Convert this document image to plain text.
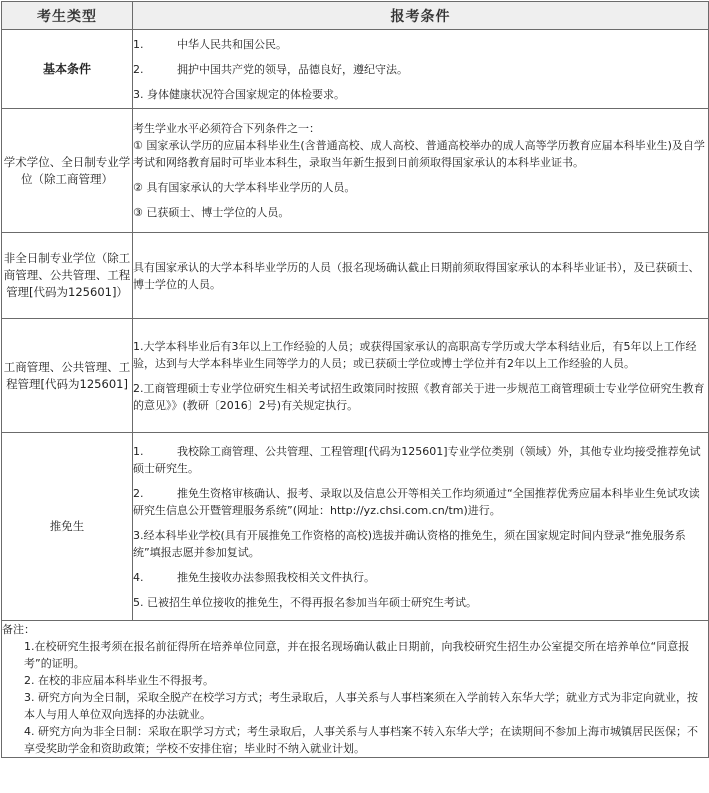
考生类型	报考条件
基本条件	1. 中华人民共和国公民。

2. 拥护中国共产党的领导，品德良好，遵纪守法。

3. 身体健康状况符合国家规定的体检要求。

学术学位、全日制专业学位（除工商管理）	考生学业水平必须符合下列条件之一：

① 国家承认学历的应届本科毕业生(含普通高校、成人高校、普通高校举办的成人高等学历教育应届本科毕业生)及自学考试和网络教育届时可毕业本科生，录取当年新生报到日前须取得国家承认的本科毕业证书。

② 具有国家承认的大学本科毕业学历的人员。

③ 已获硕士、博士学位的人员。

非全日制专业学位（除工商管理、公共管理、工程管理[代码为125601]）	具有国家承认的大学本科毕业学历的人员（报名现场确认截止日期前须取得国家承认的本科毕业证书），及已获硕士、博士学位的人员。
工商管理、公共管理、工程管理[代码为125601]	1.大学本科毕业后有3年以上工作经验的人员；或获得国家承认的高职高专学历或大学本科结业后，有5年以上工作经验，达到与大学本科毕业生同等学力的人员；或已获硕士学位或博士学位并有2年以上工作经验的人员。

2.工商管理硕士专业学位研究生相关考试招生政策同时按照《教育部关于进一步规范工商管理硕士专业学位研究生教育的意见》》(教研〔2016〕2号)有关规定执行。

推免生	1. 我校除工商管理、公共管理、工程管理[代码为125601]专业学位类别（领域）外，其他专业均接受推荐免试硕士研究生。

2. 推免生资格审核确认、报考、录取以及信息公开等相关工作均须通过“全国推荐优秀应届本科毕业生免试攻读研究生信息公开暨管理服务系统”(网址：http://yz.chsi.com.cn/tm)进行。

3.经本科毕业学校(具有开展推免工作资格的高校)选拔并确认资格的推免生，须在国家规定时间内登录“推免服务系统”填报志愿并参加复试。

4. 推免生接收办法参照我校相关文件执行。

5. 已被招生单位接收的推免生，不得再报名参加当年硕士研究生考试。

备注：

1.在校研究生报考须在报名前征得所在培养单位同意，并在报名现场确认截止日期前，向我校研究生招生办公室提交所在培养单位“同意报考”的证明。

2. 在校的非应届本科毕业生不得报考。

3. 研究方向为全日制，采取全脱产在校学习方式；考生录取后，人事关系与人事档案须在入学前转入东华大学；就业方式为非定向就业，按本人与用人单位双向选择的办法就业。

4. 研究方向为非全日制：采取在职学习方式；考生录取后，人事关系与人事档案不转入东华大学；在读期间不参加上海市城镇居民医保；不享受奖助学金和资助政策；学校不安排住宿；毕业时不纳入就业计划。	
